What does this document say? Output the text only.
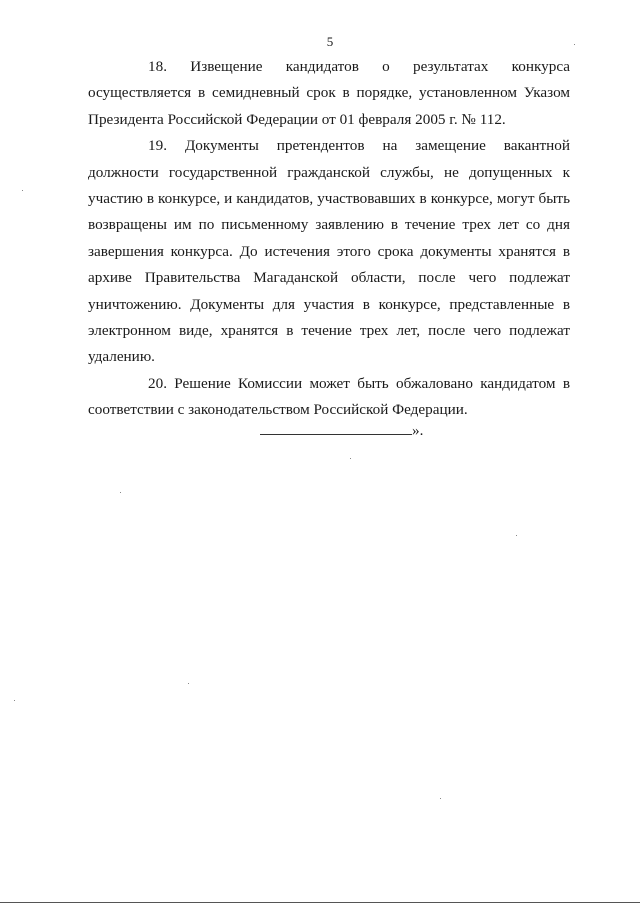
5

18. Извещение кандидатов о результатах конкурса осуществляется в семидневный срок в порядке, установленном Указом Президента Российской Федерации от 01 февраля 2005 г. № 112.

19. Документы претендентов на замещение вакантной должности государственной гражданской службы, не допущенных к участию в конкурсе, и кандидатов, участвовавших в конкурсе, могут быть возвращены им по письменному заявлению в течение трех лет со дня завершения конкурса. До истечения этого срока документы хранятся в архиве Правительства Магаданской области, после чего подлежат уничтожению. Документы для участия в конкурсе, представленные в электронном виде, хранятся в течение трех лет, после чего подлежат удалению.

20. Решение Комиссии может быть обжаловано кандидатом в соответствии с законодательством Российской Федерации.

».
